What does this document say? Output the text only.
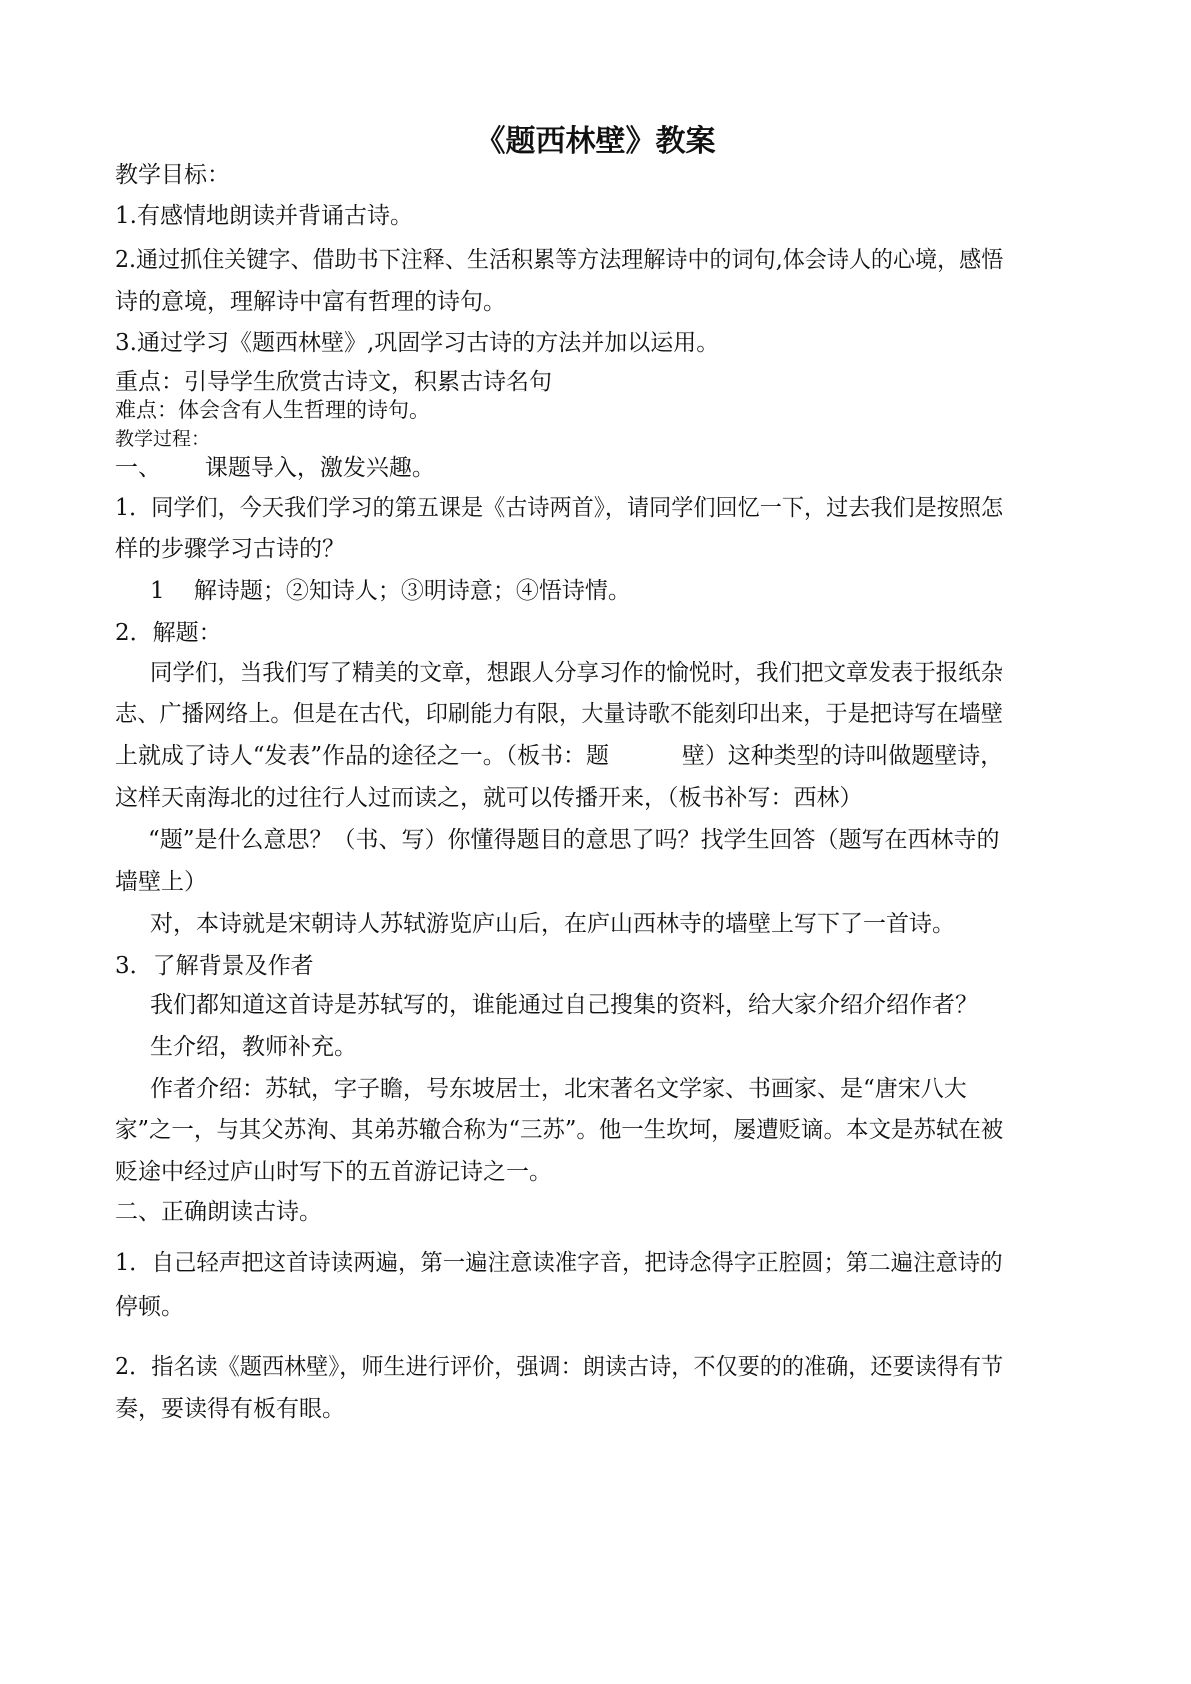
《题西林壁》教案

教学目标：

1.有感情地朗读并背诵古诗。

2.通过抓住关键字、借助书下注释、生活积累等方法理解诗中的词句,体会诗人的心境，感悟

诗的意境，理解诗中富有哲理的诗句。

3.通过学习《题西林壁》,巩固学习古诗的方法并加以运用。

重点：引导学生欣赏古诗文，积累古诗名句

难点：体会含有人生哲理的诗句。

教学过程：

一、      课题导入，激发兴趣。

1．同学们，今天我们学习的第五课是《古诗两首》，请同学们回忆一下，过去我们是按照怎

样的步骤学习古诗的？

1    解诗题；②知诗人；③明诗意；④悟诗情。

2．解题：

同学们，当我们写了精美的文章，想跟人分享习作的愉悦时，我们把文章发表于报纸杂

志、广播网络上。但是在古代，印刷能力有限，大量诗歌不能刻印出来，于是把诗写在墙壁

上就成了诗人“发表”作品的途径之一。（板书：题          壁）这种类型的诗叫做题壁诗，

这样天南海北的过往行人过而读之，就可以传播开来，（板书补写：西林）

“题”是什么意思？（书、写）你懂得题目的意思了吗？找学生回答（题写在西林寺的

墙壁上）

对，本诗就是宋朝诗人苏轼游览庐山后，在庐山西林寺的墙壁上写下了一首诗。

3．了解背景及作者

我们都知道这首诗是苏轼写的，谁能通过自己搜集的资料，给大家介绍介绍作者？

生介绍，教师补充。

作者介绍：苏轼，字子瞻，号东坡居士，北宋著名文学家、书画家、是“唐宋八大

家”之一，与其父苏洵、其弟苏辙合称为“三苏”。他一生坎坷，屡遭贬谪。本文是苏轼在被

贬途中经过庐山时写下的五首游记诗之一。

二、正确朗读古诗。

1．自己轻声把这首诗读两遍，第一遍注意读准字音，把诗念得字正腔圆；第二遍注意诗的

停顿。

2．指名读《题西林壁》，师生进行评价，强调：朗读古诗，不仅要的的准确，还要读得有节

奏，要读得有板有眼。
